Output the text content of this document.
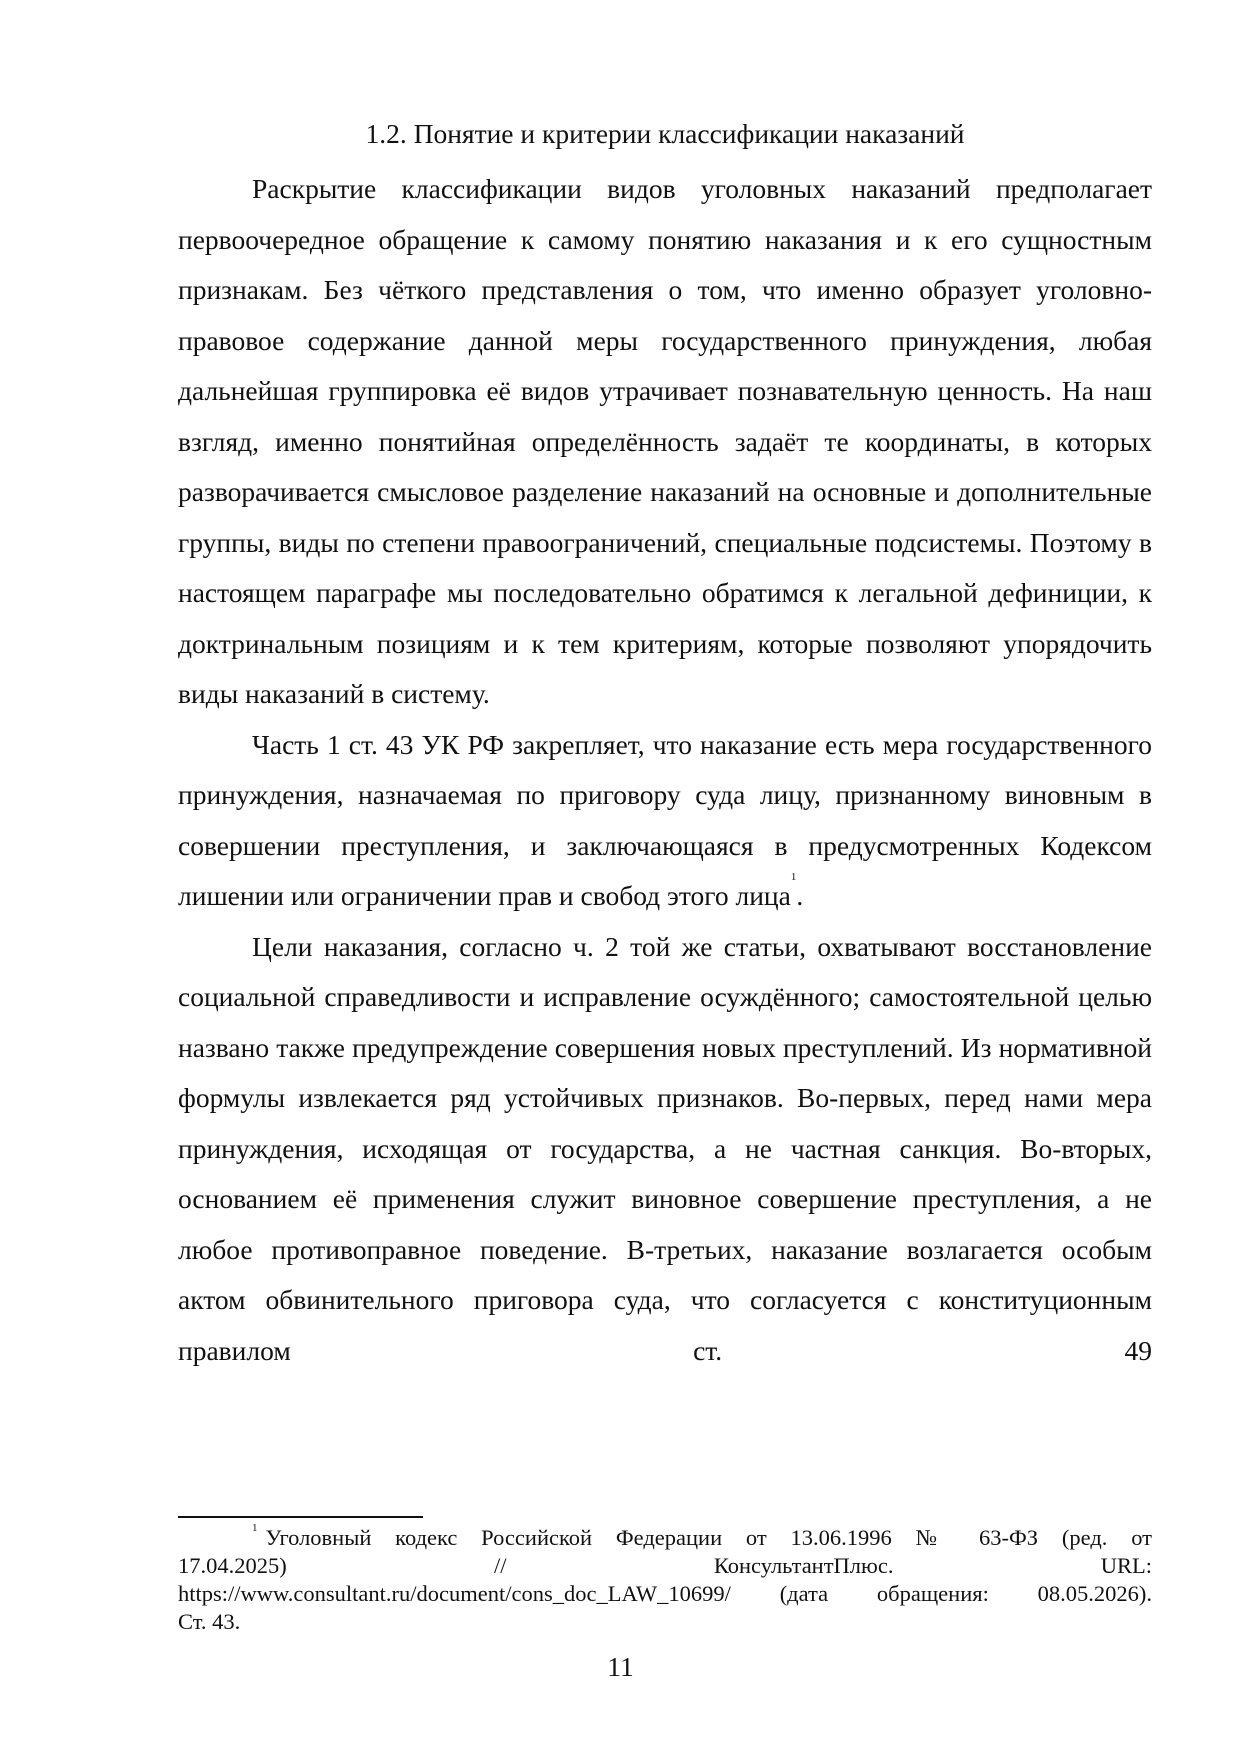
1.2. Понятие и критерии классификации наказаний

Раскрытие классификации видов уголовных наказаний предполагает первоочередное обращение к самому понятию наказания и к его сущностным признакам. Без чёткого представления о том, что именно образует уголовно-правовое содержание данной меры государственного принуждения, любая дальнейшая группировка её видов утрачивает познавательную ценность. На наш взгляд, именно понятийная определённость задаёт те координаты, в которых разворачивается смысловое разделение наказаний на основные и дополнительные группы, виды по степени правоограничений, специальные подсистемы. Поэтому в настоящем параграфе мы последовательно обратимся к легальной дефиниции, к доктринальным позициям и к тем критериям, которые позволяют упорядочить виды наказаний в систему.

Часть 1 ст. 43 УК РФ закрепляет, что наказание есть мера государственного принуждения, назначаемая по приговору суда лицу, признанному виновным в совершении преступления, и заключающаяся в предусмотренных Кодексом лишении или ограничении прав и свобод этого лица$^1$.

Цели наказания, согласно ч. 2 той же статьи, охватывают восстановление социальной справедливости и исправление осуждённого; самостоятельной целью названо также предупреждение совершения новых преступлений. Из нормативной формулы извлекается ряд устойчивых признаков. Во-первых, перед нами мера принуждения, исходящая от государства, а не частная санкция. Во-вторых, основанием её применения служит виновное совершение преступления, а не любое противоправное поведение. В-третьих, наказание возлагается особым актом обвинительного приговора суда, что согласуется с конституционным правилом ст. 49

$^1$ Уголовный кодекс Российской Федерации от 13.06.1996 № 63-ФЗ (ред. от
17.04.2025) // КонсультантПлюс. URL:
https://www.consultant.ru/document/cons_doc_LAW_10699/ (дата обращения: 08.05.2026).
Ст. 43.
11
